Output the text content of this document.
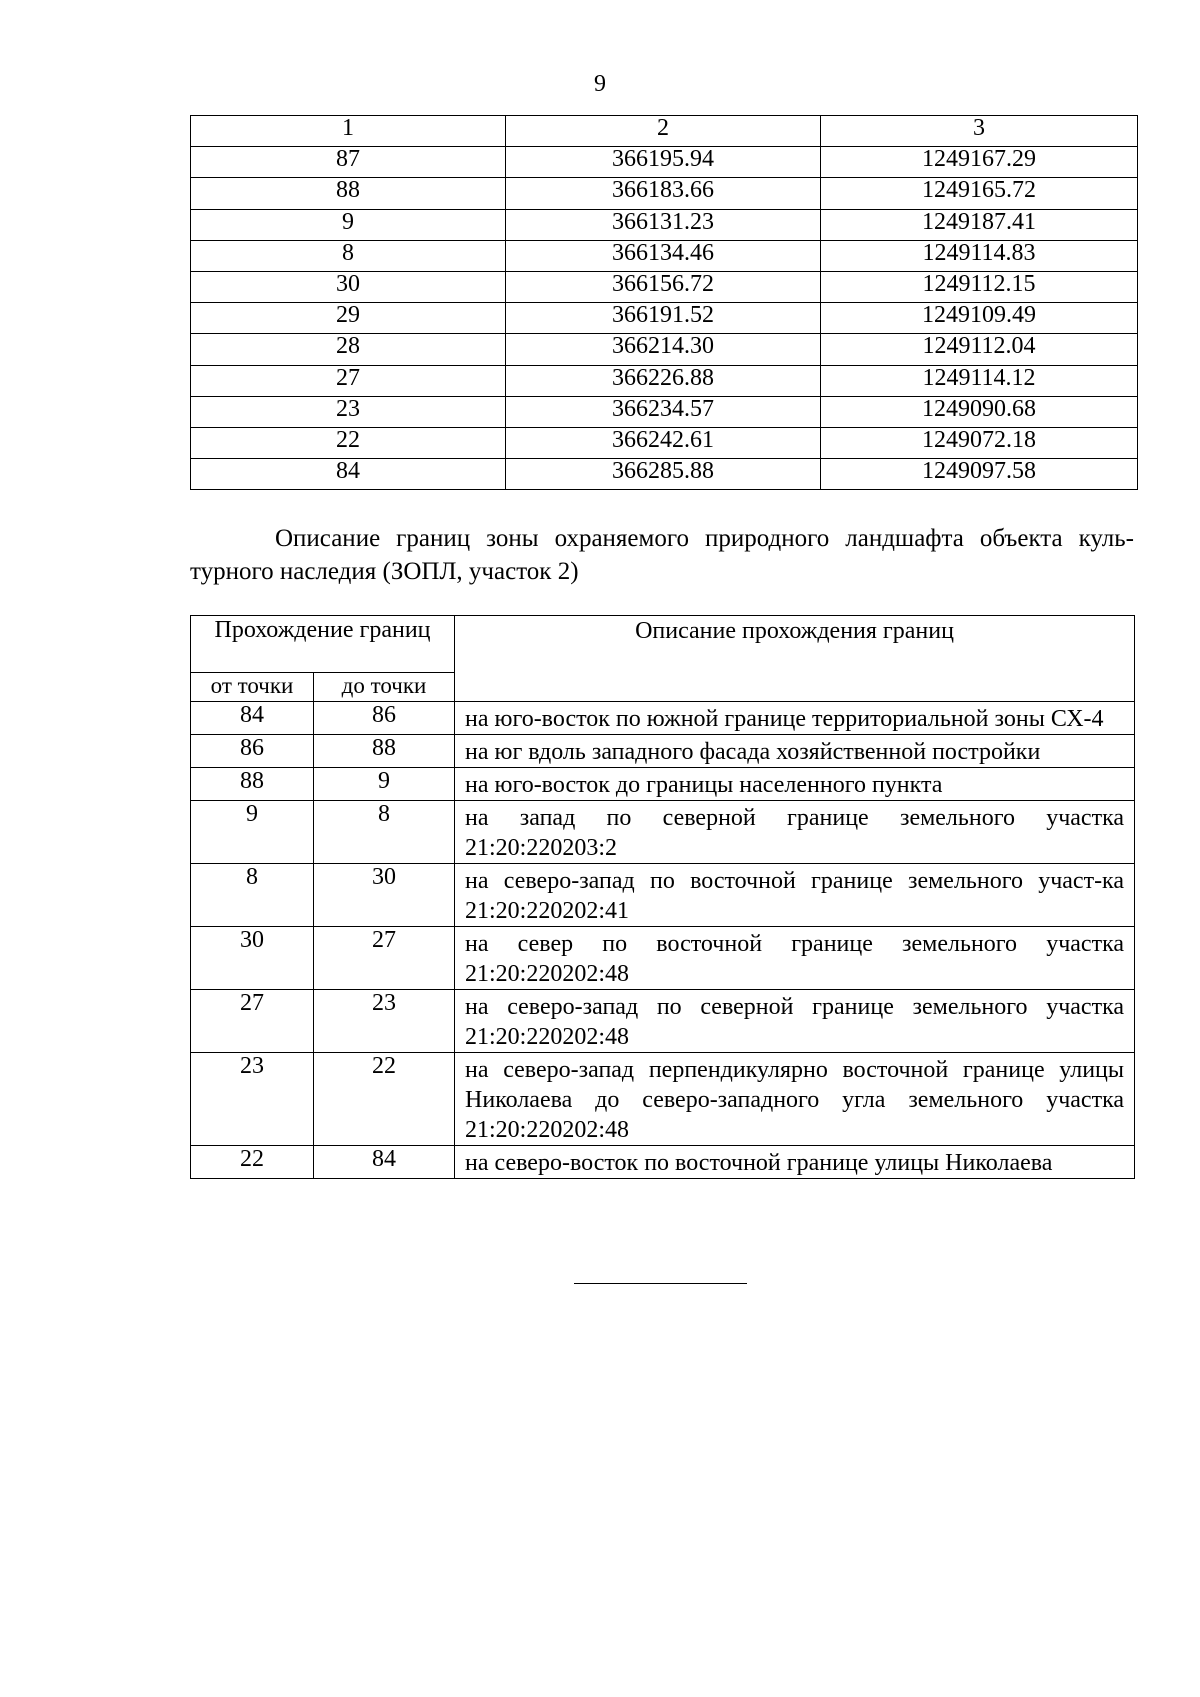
9
1	2	3
87	366195.94	1249167.29
88	366183.66	1249165.72
9	366131.23	1249187.41
8	366134.46	1249114.83
30	366156.72	1249112.15
29	366191.52	1249109.49
28	366214.30	1249112.04
27	366226.88	1249114.12
23	366234.57	1249090.68
22	366242.61	1249072.18
84	366285.88	1249097.58
Описание границ зоны охраняемого природного ландшафта объекта куль-турного наследия (ЗОПЛ, участок 2)
Прохождение границ		Описание прохождения границ
от точки	до точки	
84	86	на юго-восток по южной границе территориальной зоны СХ-4
86	88	на юг вдоль западного фасада хозяйственной постройки
88	9	на юго-восток до границы населенного пункта
9	8	на запад по северной границе земельного участка 21:20:220203:2
8	30	на северо-запад по восточной границе земельного участ-ка 21:20:220202:41
30	27	на север по восточной границе земельного участка 21:20:220202:48
27	23	на северо-запад по северной границе земельного участка 21:20:220202:48
23	22	на северо-запад перпендикулярно восточной границе улицы Николаева до северо-западного угла земельного участка 21:20:220202:48
22	84	на северо-восток по восточной границе улицы Николаева
